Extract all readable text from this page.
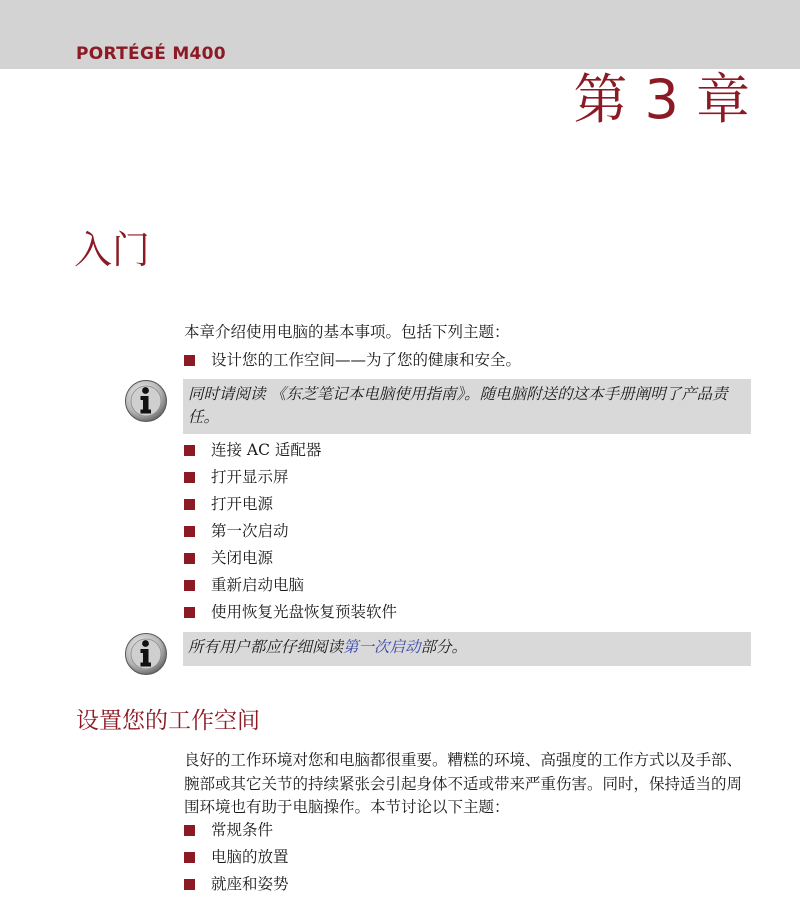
PORTÉGÉ M400
第 3 章
入门

本章介绍使用电脑的基本事项。包括下列主题：

设计您的工作空间——为了您的健康和安全。
同时请阅读 《东芝笔记本电脑使用指南》。随电脑附送的这本手册阐明了产品责任。
连接 AC 适配器
打开显示屏
打开电源
第一次启动
关闭电源
重新启动电脑
使用恢复光盘恢复预装软件
所有用户都应仔细阅读第一次启动部分。
设置您的工作空间

良好的工作环境对您和电脑都很重要。糟糕的环境、高强度的工作方式以及手部、腕部或其它关节的持续紧张会引起身体不适或带来严重伤害。同时，保持适当的周围环境也有助于电脑操作。本节讨论以下主题：

常规条件
电脑的放置
就座和姿势
